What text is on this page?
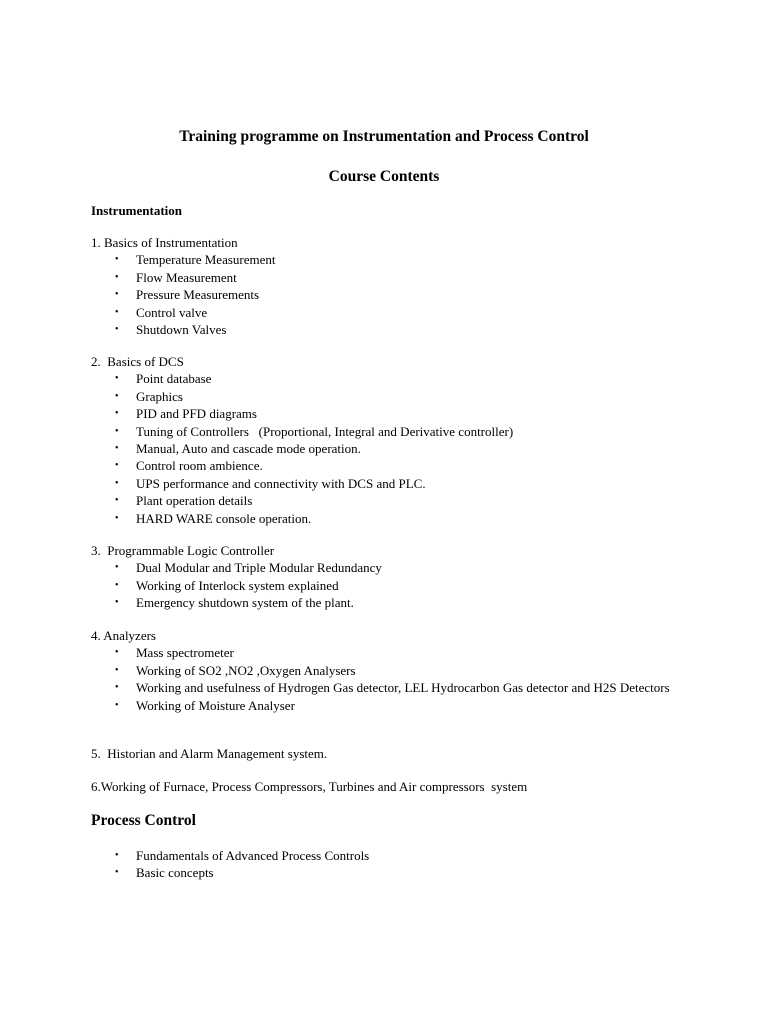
Training programme on Instrumentation and Process Control
Course Contents
Instrumentation
1. Basics of Instrumentation
• Temperature Measurement
• Flow Measurement
• Pressure Measurements
• Control valve
• Shutdown Valves
2.  Basics of DCS
• Point database
• Graphics
• PID and PFD diagrams
• Tuning of Controllers   (Proportional, Integral and Derivative controller)
• Manual, Auto and cascade mode operation.
• Control room ambience.
• UPS performance and connectivity with DCS and PLC.
• Plant operation details
• HARD WARE console operation.
3.  Programmable Logic Controller
• Dual Modular and Triple Modular Redundancy
• Working of Interlock system explained
• Emergency shutdown system of the plant.
4. Analyzers
• Mass spectrometer
• Working of SO2 ,NO2 ,Oxygen Analysers
• Working and usefulness of Hydrogen Gas detector, LEL Hydrocarbon Gas detector and H2S Detectors
• Working of Moisture Analyser
5.  Historian and Alarm Management system.
6.Working of Furnace, Process Compressors, Turbines and Air compressors  system
Process Control
• Fundamentals of Advanced Process Controls
• Basic concepts
